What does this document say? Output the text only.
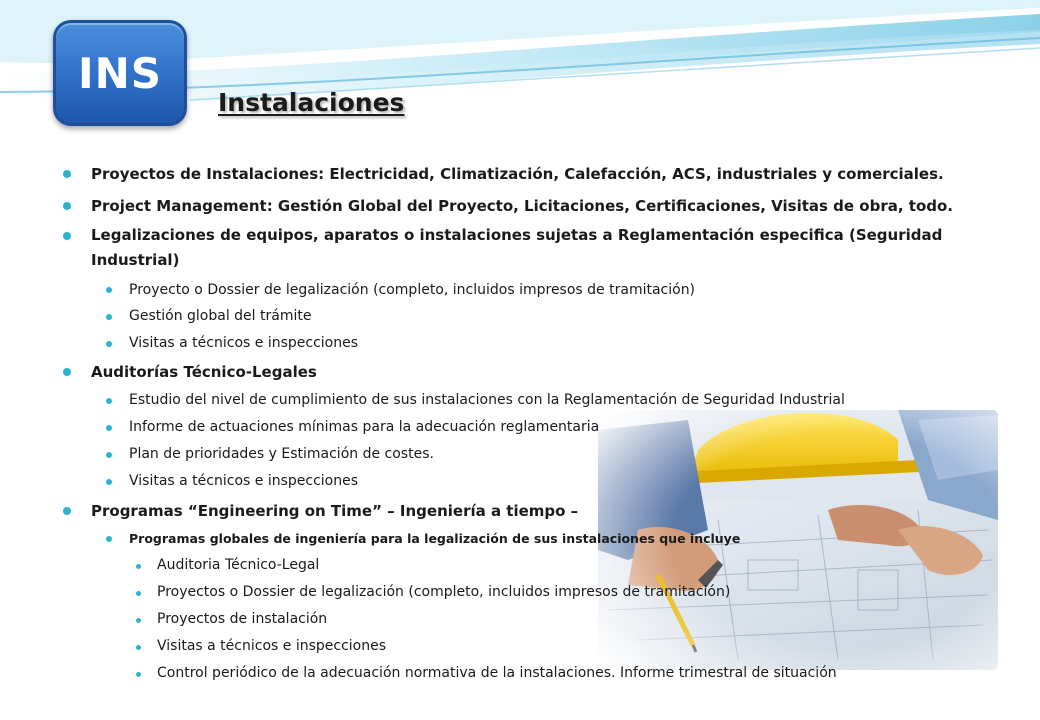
INS
Instalaciones
Proyectos de Instalaciones: Electricidad, Climatización, Calefacción, ACS, industriales y comerciales.
Project Management: Gestión Global del Proyecto, Licitaciones, Certificaciones, Visitas de obra, todo.
Legalizaciones de equipos, aparatos o instalaciones sujetas a Reglamentación especifica (Seguridad
Industrial)
Proyecto o Dossier de legalización (completo, incluidos impresos de tramitación)
Gestión global del trámite
Visitas a técnicos e inspecciones
Auditorías Técnico-Legales
Estudio del nivel de cumplimiento de sus instalaciones con la Reglamentación de Seguridad Industrial
Informe de actuaciones mínimas para la adecuación reglamentaria
Plan de prioridades y Estimación de costes.
Visitas a técnicos e inspecciones
Programas “Engineering on Time” – Ingeniería a tiempo –
Programas globales de ingeniería para la legalización de sus instalaciones que incluye
Auditoria Técnico-Legal
Proyectos o Dossier de legalización (completo, incluidos impresos de tramitación)
Proyectos de instalación
Visitas a técnicos e inspecciones
Control periódico de la adecuación normativa de la instalaciones. Informe trimestral de situación
